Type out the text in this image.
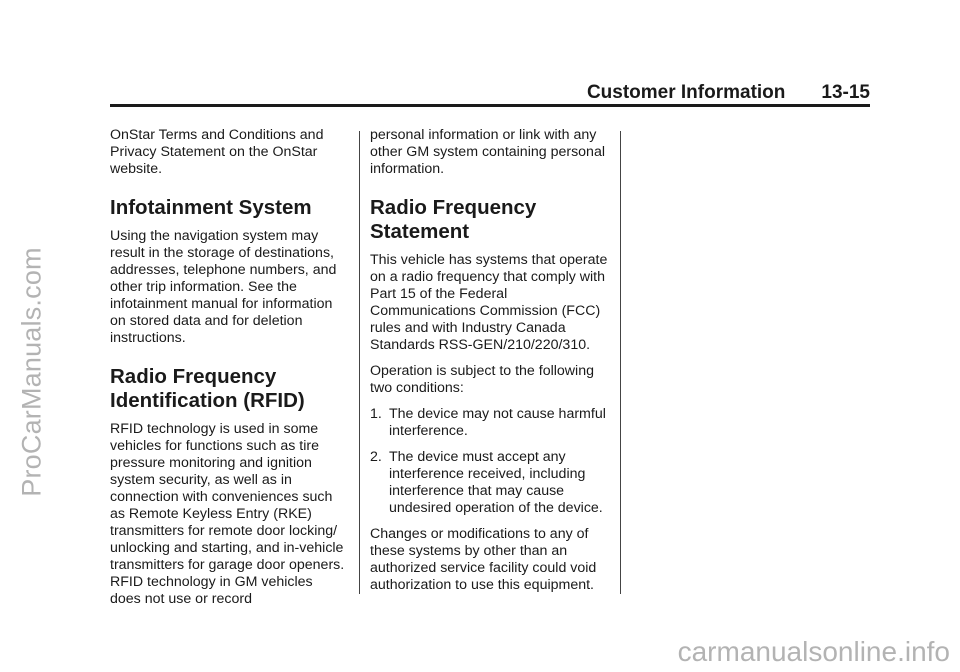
ProCarManuals.com
carmanualsonline.info
Customer Information 13-15

OnStar Terms and Conditions and Privacy Statement on the OnStar website.

Infotainment System

Using the navigation system may result in the storage of destinations, addresses, telephone numbers, and other trip information. See the infotainment manual for information on stored data and for deletion instructions.

Radio Frequency Identification (RFID)

RFID technology is used in some vehicles for functions such as tire pressure monitoring and ignition system security, as well as in connection with conveniences such as Remote Keyless Entry (RKE) transmitters for remote door locking/ unlocking and starting, and in-vehicle transmitters for garage door openers. RFID technology in GM vehicles does not use or record

personal information or link with any other GM system containing personal information.

Radio Frequency Statement

This vehicle has systems that operate on a radio frequency that comply with Part 15 of the Federal Communications Commission (FCC) rules and with Industry Canada Standards RSS-GEN/210/220/310.

Operation is subject to the following two conditions:

1. The device may not cause harmful interference.
2. The device must accept any interference received, including interference that may cause undesired operation of the device.

Changes or modifications to any of these systems by other than an authorized service facility could void authorization to use this equipment.
